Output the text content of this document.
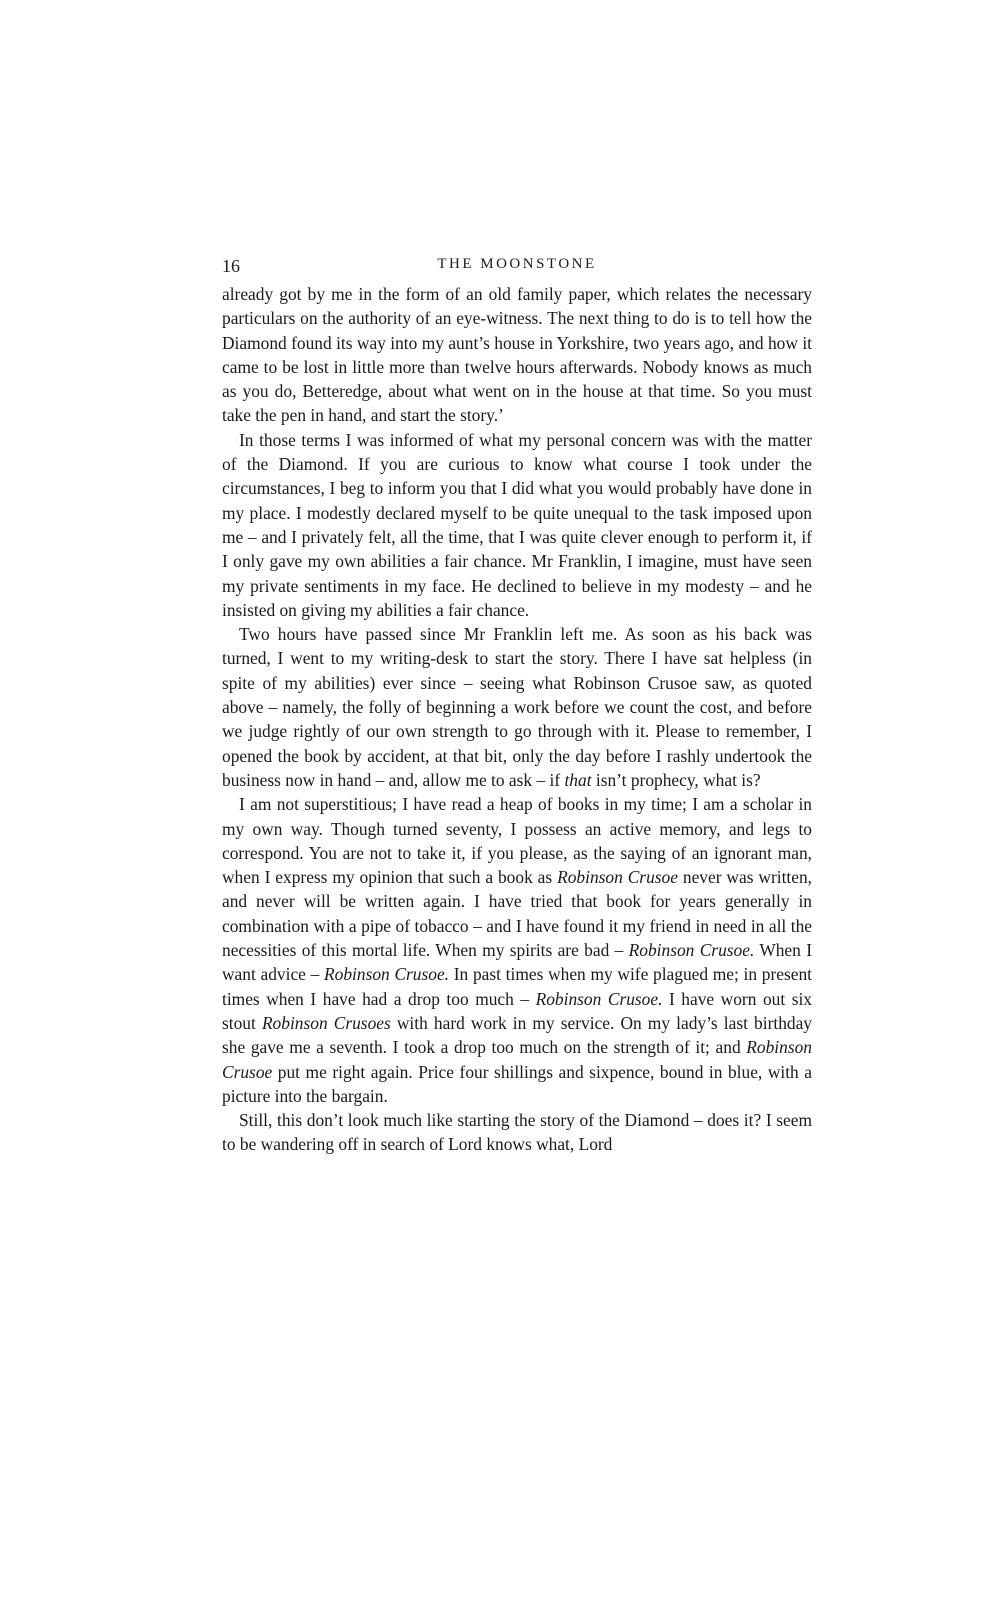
16	THE MOONSTONE

already got by me in the form of an old family paper, which relates the necessary particulars on the authority of an eye-witness. The next thing to do is to tell how the Diamond found its way into my aunt’s house in Yorkshire, two years ago, and how it came to be lost in little more than twelve hours afterwards. Nobody knows as much as you do, Betteredge, about what went on in the house at that time. So you must take the pen in hand, and start the story.’

In those terms I was informed of what my personal concern was with the matter of the Diamond. If you are curious to know what course I took under the circumstances, I beg to inform you that I did what you would probably have done in my place. I modestly declared myself to be quite unequal to the task imposed upon me – and I privately felt, all the time, that I was quite clever enough to perform it, if I only gave my own abilities a fair chance. Mr Franklin, I imagine, must have seen my private sentiments in my face. He declined to believe in my modesty – and he insisted on giving my abilities a fair chance.

Two hours have passed since Mr Franklin left me. As soon as his back was turned, I went to my writing-desk to start the story. There I have sat helpless (in spite of my abilities) ever since – seeing what Robinson Crusoe saw, as quoted above – namely, the folly of beginning a work before we count the cost, and before we judge rightly of our own strength to go through with it. Please to remember, I opened the book by accident, at that bit, only the day before I rashly undertook the business now in hand – and, allow me to ask – if that isn’t prophecy, what is?

I am not superstitious; I have read a heap of books in my time; I am a scholar in my own way. Though turned seventy, I possess an active memory, and legs to correspond. You are not to take it, if you please, as the saying of an ignorant man, when I express my opinion that such a book as Robinson Crusoe never was written, and never will be written again. I have tried that book for years generally in combination with a pipe of tobacco – and I have found it my friend in need in all the necessities of this mortal life. When my spirits are bad – Robinson Crusoe. When I want advice – Robinson Crusoe. In past times when my wife plagued me; in present times when I have had a drop too much – Robinson Crusoe. I have worn out six stout Robinson Crusoes with hard work in my service. On my lady’s last birthday she gave me a seventh. I took a drop too much on the strength of it; and Robinson Crusoe put me right again. Price four shillings and sixpence, bound in blue, with a picture into the bargain.

Still, this don’t look much like starting the story of the Diamond – does it? I seem to be wandering off in search of Lord knows what, Lord
